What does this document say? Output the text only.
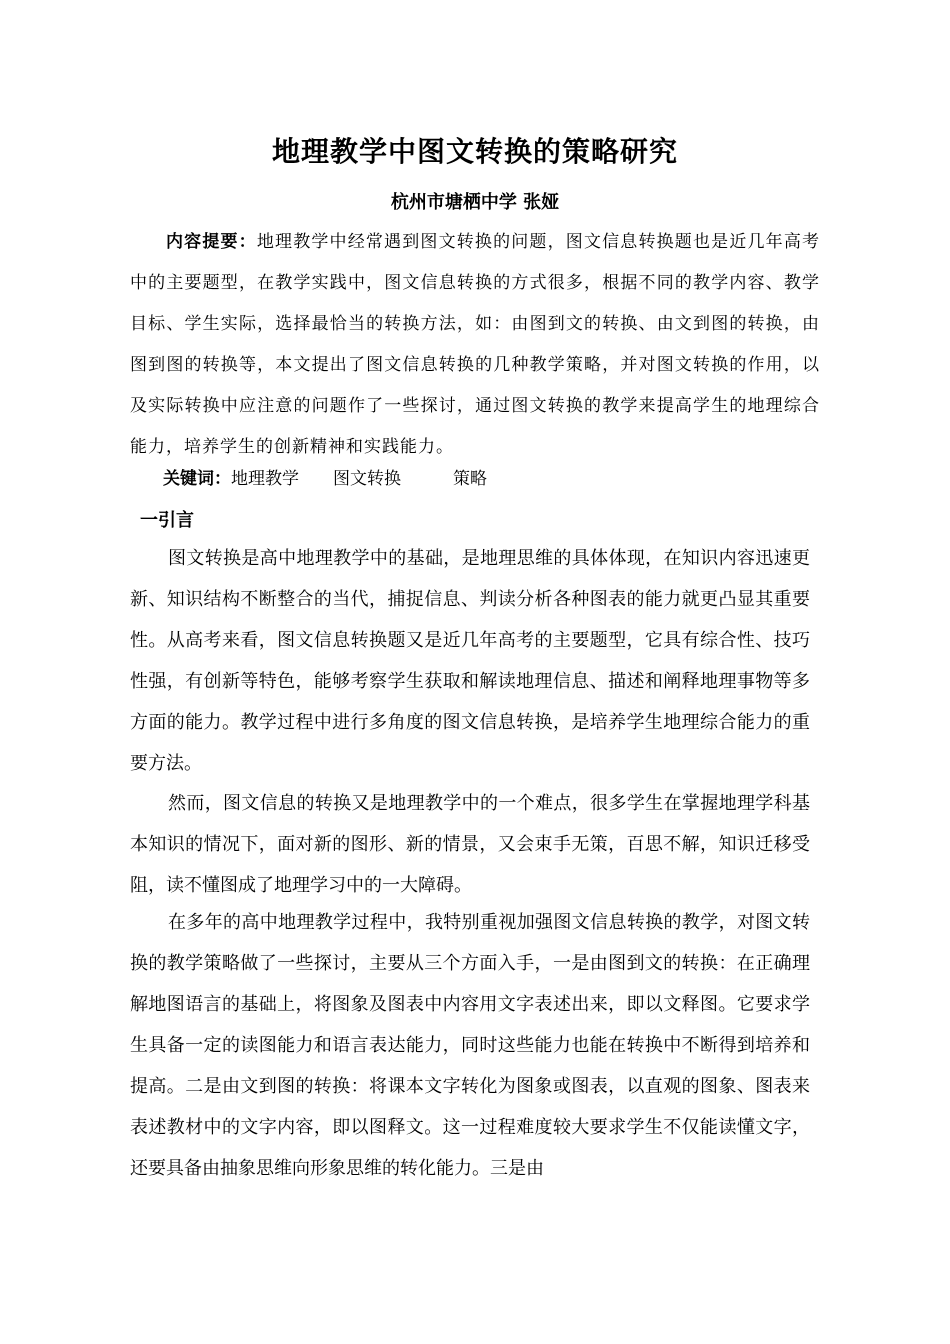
地理教学中图文转换的策略研究
杭州市塘栖中学 张娅

内容提要：地理教学中经常遇到图文转换的问题，图文信息转换题也是近几年高考中的主要题型，在教学实践中，图文信息转换的方式很多，根据不同的教学内容、教学目标、学生实际，选择最恰当的转换方法，如：由图到文的转换、由文到图的转换，由图到图的转换等，本文提出了图文信息转换的几种教学策略，并对图文转换的作用，以及实际转换中应注意的问题作了一些探讨，通过图文转换的教学来提高学生的地理综合能力，培养学生的创新精神和实践能力。

关键词：地理教学 图文转换	策略

一引言

图文转换是高中地理教学中的基础，是地理思维的具体体现，在知识内容迅速更新、知识结构不断整合的当代，捕捉信息、判读分析各种图表的能力就更凸显其重要性。从高考来看，图文信息转换题又是近几年高考的主要题型，它具有综合性、技巧性强，有创新等特色，能够考察学生获取和解读地理信息、描述和阐释地理事物等多方面的能力。教学过程中进行多角度的图文信息转换，是培养学生地理综合能力的重要方法。

然而，图文信息的转换又是地理教学中的一个难点，很多学生在掌握地理学科基本知识的情况下，面对新的图形、新的情景，又会束手无策，百思不解，知识迁移受阻，读不懂图成了地理学习中的一大障碍。

在多年的高中地理教学过程中，我特别重视加强图文信息转换的教学，对图文转换的教学策略做了一些探讨，主要从三个方面入手，一是由图到文的转换：在正确理解地图语言的基础上，将图象及图表中内容用文字表述出来，即以文释图。它要求学生具备一定的读图能力和语言表达能力，同时这些能力也能在转换中不断得到培养和提高。二是由文到图的转换：将课本文字转化为图象或图表，以直观的图象、图表来表述教材中的文字内容，即以图释文。这一过程难度较大要求学生不仅能读懂文字，还要具备由抽象思维向形象思维的转化能力。三是由
